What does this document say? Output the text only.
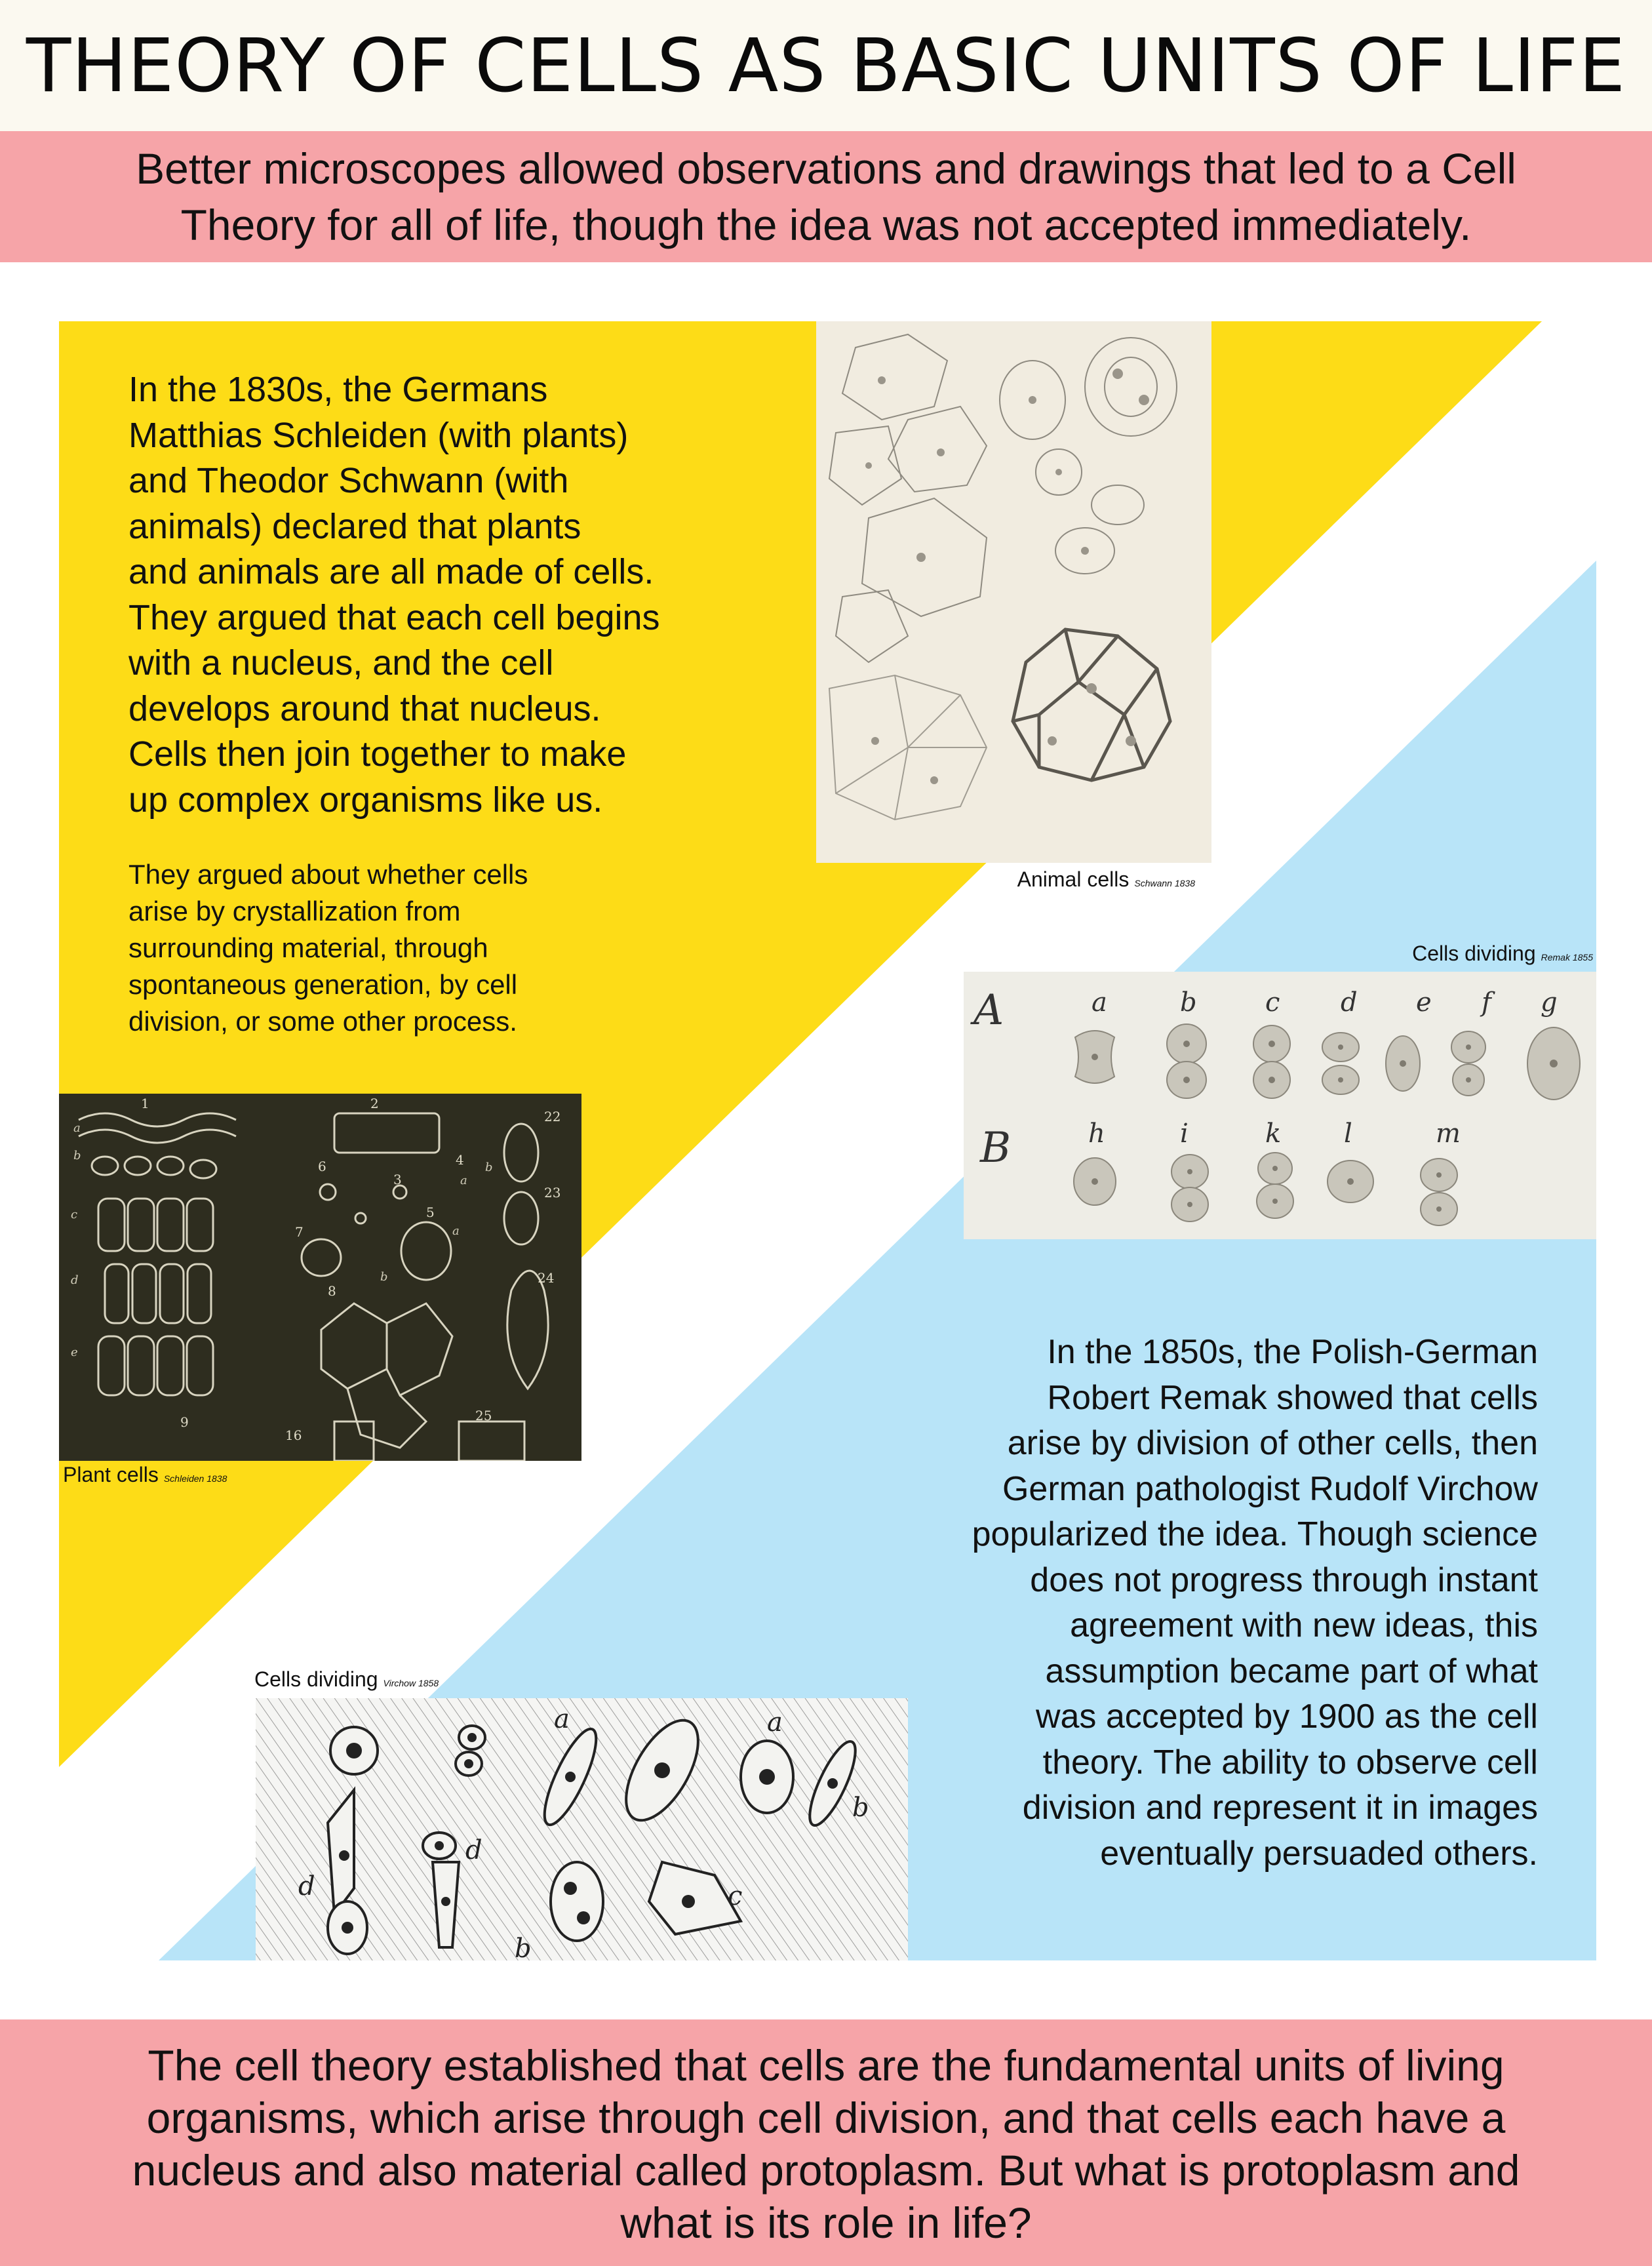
THEORY OF CELLS AS BASIC UNITS OF LIFE
Better microscopes allowed observations and drawings that led to a Cell
Theory for all of life, though the idea was not accepted immediately.
In the 1830s, the Germans
Matthias Schleiden (with plants)
and Theodor Schwann (with
animals) declared that plants
and animals are all made of cells.
They argued that each cell begins
with a nucleus, and the cell
develops around that nucleus.
Cells then join together to make
up complex organisms like us.
They argued about whether cells
arise by crystallization from
surrounding material, through
spontaneous generation, by cell
division, or some other process.
Animal cells Schwann 1838
Cells dividing Remak 1855
A	a	b	c d e f g
B	h	i	k l	m
1	2
3
4
5
6
7
8
9
16
22
23
24
25
a
b
c
d
e
a
b
b
a
Plant cells Schleiden 1838
In the 1850s, the Polish-German
Robert Remak showed that cells
arise by division of other cells, then
German pathologist Rudolf Virchow
popularized the idea. Though science
does not progress through instant
agreement with new ideas, this
assumption became part of what
was accepted by 1900 as the cell
theory. The ability to observe cell
division and represent it in images
eventually persuaded others.
Cells dividing Virchow 1858
a	a
b
c
d
d
b
The cell theory established that cells are the fundamental units of living
organisms, which arise through cell division, and that cells each have a
nucleus and also material called protoplasm. But what is protoplasm and
what is its role in life?
